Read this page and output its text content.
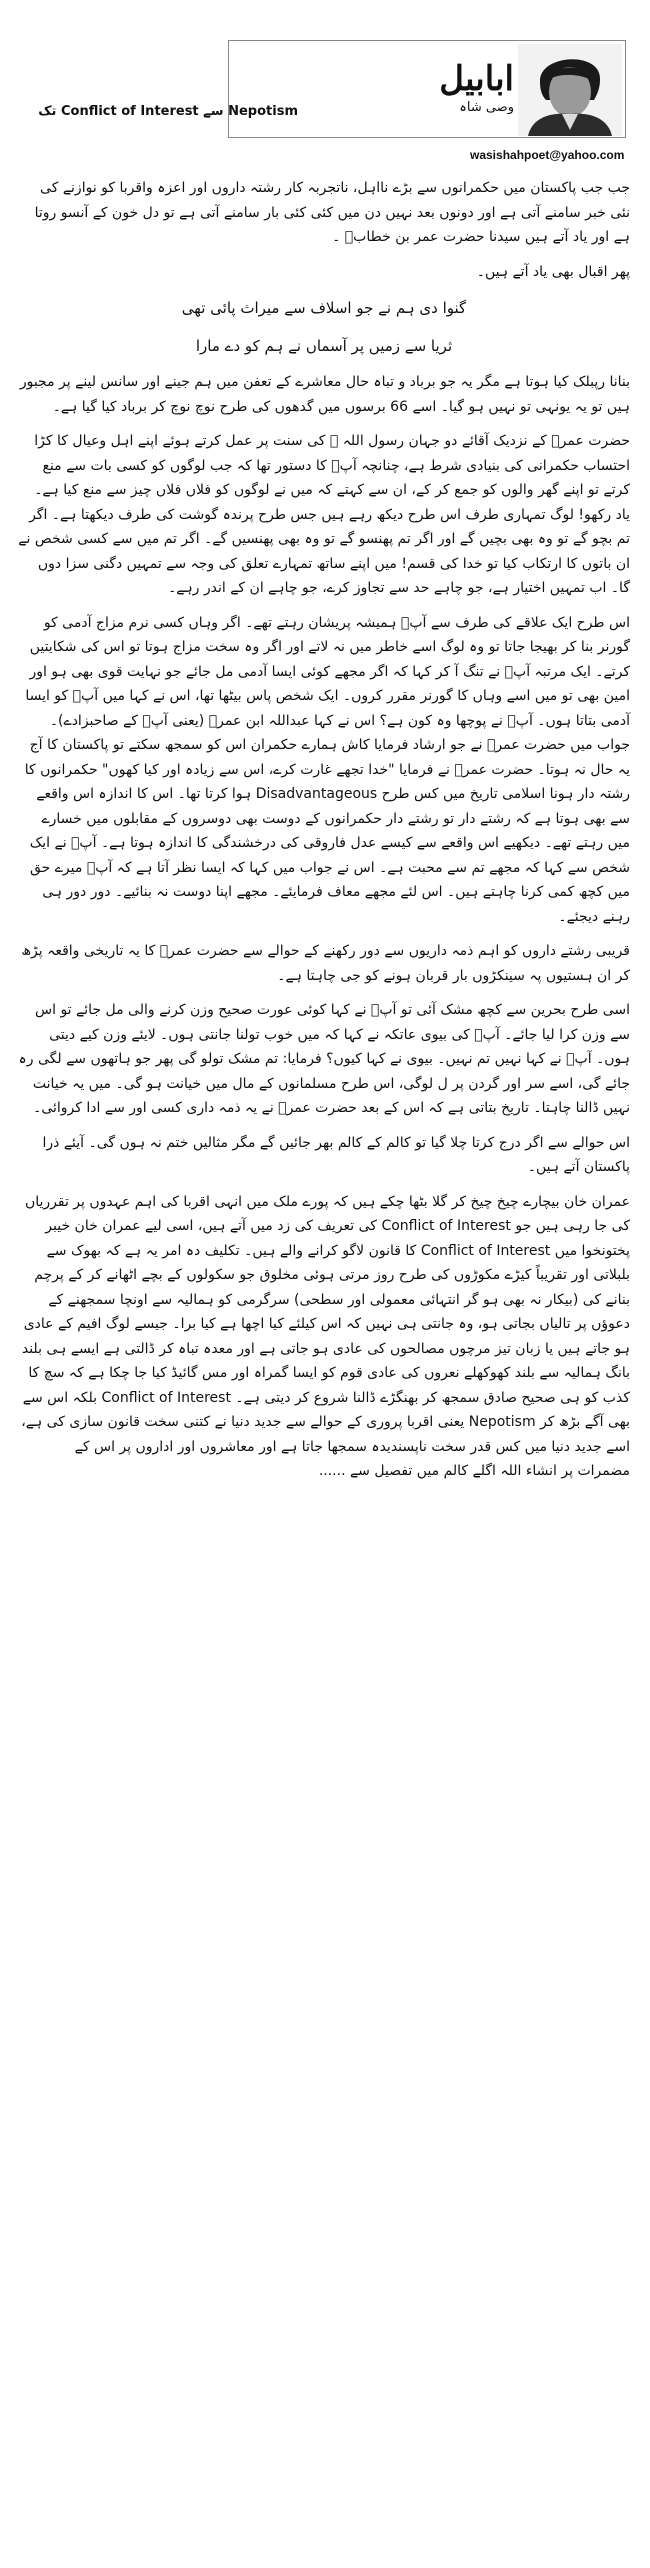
ابابیل
وصی شاہ
Nepotism سے Conflict of Interest تک
wasishahpoet@yahoo.com

جب جب پاکستان میں حکمرانوں سے بڑے نااہل، ناتجربہ کار رشتہ داروں اور اعزہ واقربا کو نوازنے کی نئی خبر سامنے آتی ہے اور دونوں بعد نہیں دن میں کئی کئی بار سامنے آتی ہے تو دل خون کے آنسو روتا ہے اور یاد آتے ہیں سیدنا حضرت عمر بن خطابؓ ۔

پھر اقبال بھی یاد آتے ہیں۔

گنوا دی ہم نے جو اسلاف سے میراث پائی تھی
ثریا سے زمیں پر آسماں نے ہم کو دے مارا

بنانا رپبلک کیا ہوتا ہے مگر یہ جو برباد و تباہ حال معاشرے کے تعفن میں ہم جینے اور سانس لینے پر مجبور ہیں تو یہ یونہی تو نہیں ہو گیا۔ اسے 66 برسوں میں گدھوں کی طرح نوچ نوچ کر برباد کیا گیا ہے۔

حضرت عمرؓ کے نزدیک آقائے دو جہان رسول اللہ ﷺ کی سنت پر عمل کرتے ہوئے اپنے اہل وعیال کا کڑا احتساب حکمرانی کی بنیادی شرط ہے، چنانچہ آپؓ کا دستور تھا کہ جب لوگوں کو کسی بات سے منع کرتے تو اپنے گھر والوں کو جمع کر کے، ان سے کہتے کہ میں نے لوگوں کو فلاں فلاں چیز سے منع کیا ہے۔ یاد رکھو! لوگ تمہاری طرف اس طرح دیکھ رہے ہیں جس طرح پرندہ گوشت کی طرف دیکھتا ہے۔ اگر تم بچو گے تو وہ بھی بچیں گے اور اگر تم پھنسو گے تو وہ بھی پھنسیں گے۔ اگر تم میں سے کسی شخص نے ان باتوں کا ارتکاب کیا تو خدا کی قسم! میں اپنے ساتھ تمہارے تعلق کی وجہ سے تمہیں دگنی سزا دوں گا۔ اب تمہیں اختیار ہے، جو چاہے حد سے تجاوز کرے، جو چاہے ان کے اندر رہے۔

اس طرح ایک علاقے کی طرف سے آپؓ ہمیشہ پریشان رہتے تھے۔ اگر وہاں کسی نرم مزاج آدمی کو گورنر بنا کر بھیجا جاتا تو وہ لوگ اسے خاطر میں نہ لاتے اور اگر وہ سخت مزاج ہوتا تو اس کی شکایتیں کرتے۔ ایک مرتبہ آپؓ نے تنگ آ کر کہا کہ اگر مجھے کوئی ایسا آدمی مل جائے جو نہایت قوی بھی ہو اور امین بھی تو میں اسے وہاں کا گورنر مقرر کروں۔ ایک شخص پاس بیٹھا تھا، اس نے کہا میں آپؓ کو ایسا آدمی بتاتا ہوں۔ آپؓ نے پوچھا وہ کون ہے؟ اس نے کہا عبداللہ ابن عمرؓ (یعنی آپؓ کے صاحبزادے)۔ جواب میں حضرت عمرؓ نے جو ارشاد فرمایا کاش ہمارے حکمران اس کو سمجھ سکتے تو پاکستان کا آج یہ حال نہ ہوتا۔ حضرت عمرؓ نے فرمایا "خدا تجھے غارت کرے، اس سے زیادہ اور کیا کھوں" حکمرانوں کا رشتہ دار ہونا اسلامی تاریخ میں کس طرح Disadvantageous ہوا کرتا تھا۔ اس کا اندازہ اس واقعے سے بھی ہوتا ہے کہ رشتے دار تو رشتے دار حکمرانوں کے دوست بھی دوسروں کے مقابلوں میں خسارے میں رہتے تھے۔ دیکھیے اس واقعے سے کیسے عدل فاروقی کی درخشندگی کا اندازہ ہوتا ہے۔ آپؓ نے ایک شخص سے کہا کہ مجھے تم سے محبت ہے۔ اس نے جواب میں کہا کہ ایسا نظر آتا ہے کہ آپؓ میرے حق میں کچھ کمی کرنا چاہتے ہیں۔ اس لئے مجھے معاف فرمایئے۔ مجھے اپنا دوست نہ بنائیے۔ دور دور ہی رہنے دیجئے۔

قریبی رشتے داروں کو اہم ذمہ داریوں سے دور رکھنے کے حوالے سے حضرت عمرؓ کا یہ تاریخی واقعہ پڑھ کر ان ہستیوں پہ سینکڑوں بار قربان ہونے کو جی چاہتا ہے۔

اسی طرح بحرین سے کچھ مشک آئی تو آپؓ نے کہا کوئی عورت صحیح وزن کرنے والی مل جائے تو اس سے وزن کرا لیا جائے۔ آپؓ کی بیوی عاتکہ نے کہا کہ میں خوب تولنا جانتی ہوں۔ لایئے وزن کیے دیتی ہوں۔ آپؓ نے کہا نہیں تم نہیں۔ بیوی نے کہا کیوں؟ فرمایا: تم مشک تولو گی پھر جو ہاتھوں سے لگی رہ جائے گی، اسے سر اور گردن پر ل لوگی، اس طرح مسلمانوں کے مال میں خیانت ہو گی۔ میں یہ خیانت نہیں ڈالنا چاہتا۔ تاریخ بتاتی ہے کہ اس کے بعد حضرت عمرؓ نے یہ ذمہ داری کسی اور سے ادا کروائی۔

اس حوالے سے اگر درج کرتا چلا گیا تو کالم کے کالم بھر جائیں گے مگر مثالیں ختم نہ ہوں گی۔ آیئے ذرا پاکستان آتے ہیں۔

عمران خان بیچارے چیخ چیخ کر گلا بٹھا چکے ہیں کہ پورے ملک میں انہی اقربا کی اہم عہدوں پر تقرریاں کی جا رہی ہیں جو Conflict of Interest کی تعریف کی زد میں آتے ہیں، اسی لیے عمران خان خیبر پختونخوا میں Conflict of Interest کا قانون لاگو کرانے والے ہیں۔ تکلیف دہ امر یہ ہے کہ بھوک سے بلبلاتی اور تقریباً کیڑے مکوڑوں کی طرح روز مرتی ہوئی مخلوق جو سکولوں کے بچے اٹھانے کر کے پرچم بنانے کی (بیکار نہ بھی ہو گر انتہائی معمولی اور سطحی) سرگرمی کو ہمالیہ سے اونچا سمجھنے کے دعوؤں پر تالیاں بجاتی ہو، وہ جانتی ہی نہیں کہ اس کیلئے کیا اچھا ہے کیا برا۔ جیسے لوگ افیم کے عادی ہو جاتے ہیں یا زبان تیز مرچوں مصالحوں کی عادی ہو جاتی ہے اور معدہ تباہ کر ڈالتی ہے ایسے ہی بلند بانگ ہمالیہ سے بلند کھوکھلے نعروں کی عادی قوم کو ایسا گمراہ اور مس گائیڈ کیا جا چکا ہے کہ سچ کا کذب کو ہی صحیح صادق سمجھ کر بھنگڑے ڈالنا شروع کر دیتی ہے۔ Conflict of Interest بلکہ اس سے بھی آگے بڑھ کر Nepotism یعنی اقربا پروری کے حوالے سے جدید دنیا نے کتنی سخت قانون سازی کی ہے، اسے جدید دنیا میں کس قدر سخت ناپسندیدہ سمجھا جاتا ہے اور معاشروں اور اداروں پر اس کے مضمرات پر انشاء اللہ اگلے کالم میں تفصیل سے ......
